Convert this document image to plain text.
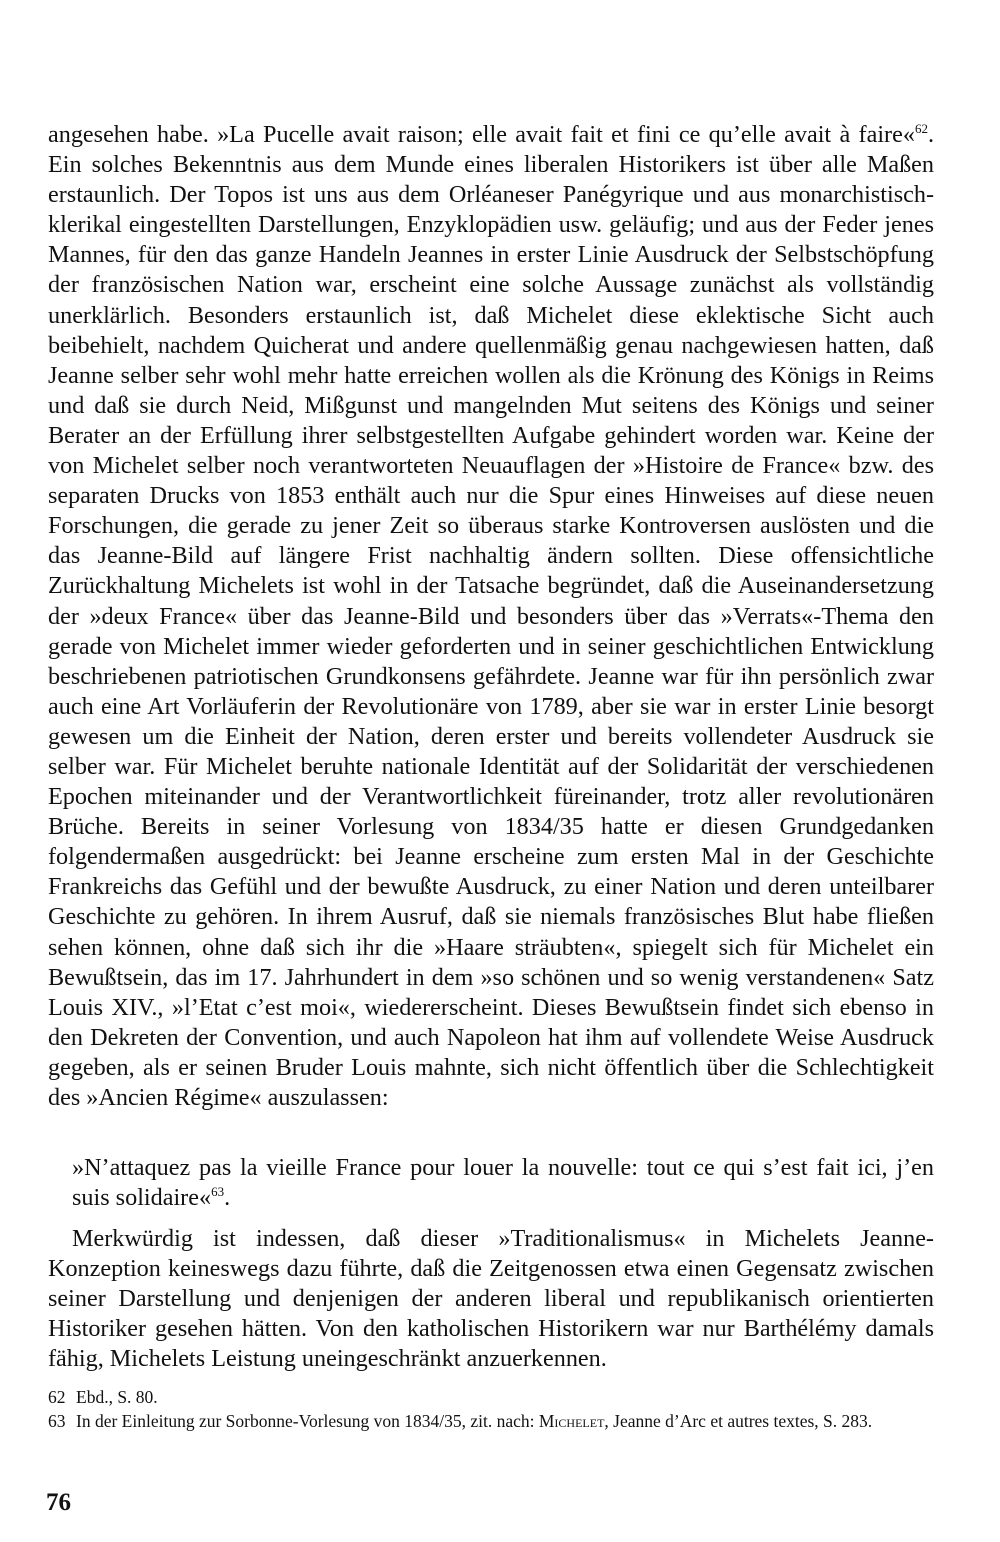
angesehen habe. »La Pucelle avait raison; elle avait fait et fini ce qu’elle avait à faire«$^{62}$. Ein solches Bekenntnis aus dem Munde eines liberalen Historikers ist über alle Maßen erstaunlich. Der Topos ist uns aus dem Orléaneser Panégyrique und aus monarchistisch-klerikal eingestellten Darstellungen, Enzyklopädien usw. geläufig; und aus der Feder jenes Mannes, für den das ganze Handeln Jeannes in erster Linie Ausdruck der Selbstschöpfung der französischen Nation war, erscheint eine solche Aussage zunächst als vollständig unerklärlich. Besonders erstaunlich ist, daß Michelet diese eklektische Sicht auch beibehielt, nachdem Quicherat und andere quellenmäßig genau nachgewiesen hatten, daß Jeanne selber sehr wohl mehr hatte erreichen wollen als die Krönung des Königs in Reims und daß sie durch Neid, Mißgunst und mangelnden Mut seitens des Königs und seiner Berater an der Erfüllung ihrer selbstgestellten Aufgabe gehindert worden war. Keine der von Michelet selber noch verantworteten Neuauflagen der »Histoire de France« bzw. des separaten Drucks von 1853 enthält auch nur die Spur eines Hinweises auf diese neuen Forschungen, die gerade zu jener Zeit so überaus starke Kontroversen auslösten und die das Jeanne-Bild auf längere Frist nachhaltig ändern sollten. Diese offensichtliche Zurückhaltung Michelets ist wohl in der Tatsache begründet, daß die Auseinandersetzung der »deux France« über das Jeanne-Bild und besonders über das »Verrats«-Thema den gerade von Michelet immer wieder geforderten und in seiner geschichtlichen Entwicklung beschriebenen patriotischen Grundkonsens gefährdete. Jeanne war für ihn persönlich zwar auch eine Art Vorläuferin der Revolutionäre von 1789, aber sie war in erster Linie besorgt gewesen um die Einheit der Nation, deren erster und bereits vollendeter Ausdruck sie selber war. Für Michelet beruhte nationale Identität auf der Solidarität der verschiedenen Epochen miteinander und der Verantwortlichkeit füreinander, trotz aller revolutionären Brüche. Bereits in seiner Vorlesung von 1834/35 hatte er diesen Grundgedanken folgendermaßen ausgedrückt: bei Jeanne erscheine zum ersten Mal in der Geschichte Frankreichs das Gefühl und der bewußte Ausdruck, zu einer Nation und deren unteilbarer Geschichte zu gehören. In ihrem Ausruf, daß sie niemals französisches Blut habe fließen sehen können, ohne daß sich ihr die »Haare sträubten«, spiegelt sich für Michelet ein Bewußtsein, das im 17. Jahrhundert in dem »so schönen und so wenig verstandenen« Satz Louis XIV., »l’Etat c’est moi«, wiedererscheint. Dieses Bewußtsein findet sich ebenso in den Dekreten der Convention, und auch Napoleon hat ihm auf vollendete Weise Ausdruck gegeben, als er seinen Bruder Louis mahnte, sich nicht öffentlich über die Schlechtigkeit des »Ancien Régime« auszulassen:

»N’attaquez pas la vieille France pour louer la nouvelle: tout ce qui s’est fait ici, j’en suis solidaire«$^{63}$.

Merkwürdig ist indessen, daß dieser »Traditionalismus« in Michelets Jeanne-Konzeption keineswegs dazu führte, daß die Zeitgenossen etwa einen Gegensatz zwischen seiner Darstellung und denjenigen der anderen liberal und republikanisch orientierten Historiker gesehen hätten. Von den katholischen Historikern war nur Barthélémy damals fähig, Michelets Leistung uneingeschränkt anzuerkennen.

62 Ebd., S. 80.
63 In der Einleitung zur Sorbonne-Vorlesung von 1834/35, zit. nach: Michelet, Jeanne d’Arc et autres textes, S. 283.
76
